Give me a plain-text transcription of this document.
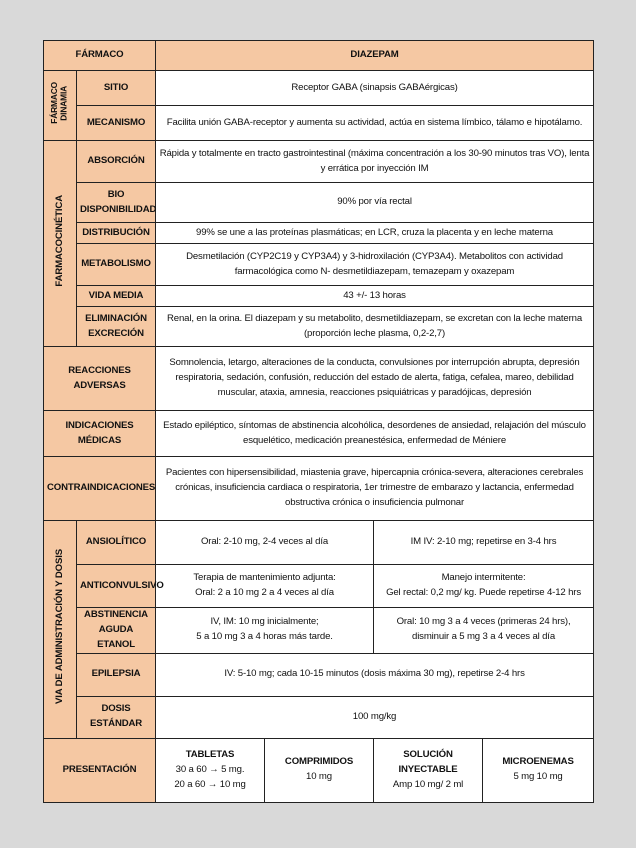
FÁRMACO		DIAZEPAM			

FÁRMACO DINAMIA	SITIO	Receptor GABA (sinapsis GABAérgicas)			
	MECANISMO	Facilita unión GABA-receptor y aumenta su actividad, actúa en sistema límbico, tálamo e hipotálamo.			
FARMACOCINÉTICA	ABSORCIÓN	Rápida y totalmente en tracto gastrointestinal (máxima concentración a los 30-90 minutos tras VO), lenta y errática por inyección IM			

	BIO
DISPONIBILIDAD	90% por vía rectal			
	DISTRIBUCIÓN	99% se une a las proteínas plasmáticas; en LCR, cruza la placenta y en leche materna			
	METABOLISMO	Desmetilación (CYP2C19 y CYP3A4) y 3-hidroxilación (CYP3A4). Metabolitos con actividad farmacológica como N- desmetildiazepam, temazepam y oxazepam			
	VIDA MEDIA	43 +/- 13 horas			

	ELIMINACIÓN
EXCRECIÓN	Renal, en la orina. El diazepam y su metabolito, desmetildiazepam, se excretan con la leche materna (proporción leche plasma, 0,2-2,7)			
REACCIONES ADVERSAS		Somnolencia, letargo, alteraciones de la conducta, convulsiones por interrupción abrupta, depresión respiratoria, sedación, confusión, reducción del estado de alerta, fatiga, cefalea, mareo, debilidad muscular, ataxia, amnesia, reacciones psiquiátricas y paradójicas, depresión			
INDICACIONES MÉDICAS		Estado epiléptico, síntomas de abstinencia alcohólica, desordenes de ansiedad, relajación del músculo esquelético, medicación preanestésica, enfermedad de Méniere			
CONTRAINDICACIONES		Pacientes con hipersensibilidad, miastenia grave, hipercapnia crónica-severa, alteraciones cerebrales crónicas, insuficiencia cardiaca o respiratoria, 1er trimestre de embarazo y lactancia, enfermedad obstructiva crónica o insuficiencia pulmonar			
VIA DE ADMINISTRACIÓN Y DOSIS	ANSIOLÍTICO	Oral: 2-10 mg, 2-4 veces al día		IM IV: 2-10 mg; repetirse en 3-4 hrs	
	ANTICONVULSIVO	Terapia de mantenimiento adjunta:
Oral: 2 a 10 mg 2 a 4 veces al día		Manejo intermitente:
Gel rectal: 0,2 mg/ kg. Puede repetirse 4-12 hrs	

	ABSTINENCIA
AGUDA ETANOL	IV, IM: 10 mg inicialmente;
5 a 10 mg 3 a 4 horas más tarde.		Oral: 10 mg 3 a 4 veces (primeras 24 hrs),
disminuir a 5 mg 3 a 4 veces al día	

	EPILEPSIA	IV: 5-10 mg; cada 10-15 minutos (dosis máxima 30 mg), repetirse 2-4 hrs			

	DOSIS
ESTÁNDAR	100 mg/kg			
PRESENTACIÓN		TABLETAS
30 a 60 → 5 mg.
20 a 60 → 10 mg	COMPRIMIDOS
10 mg	SOLUCIÓN INYECTABLE
Amp 10 mg/ 2 ml	MICROENEMAS
5 mg 10 mg
